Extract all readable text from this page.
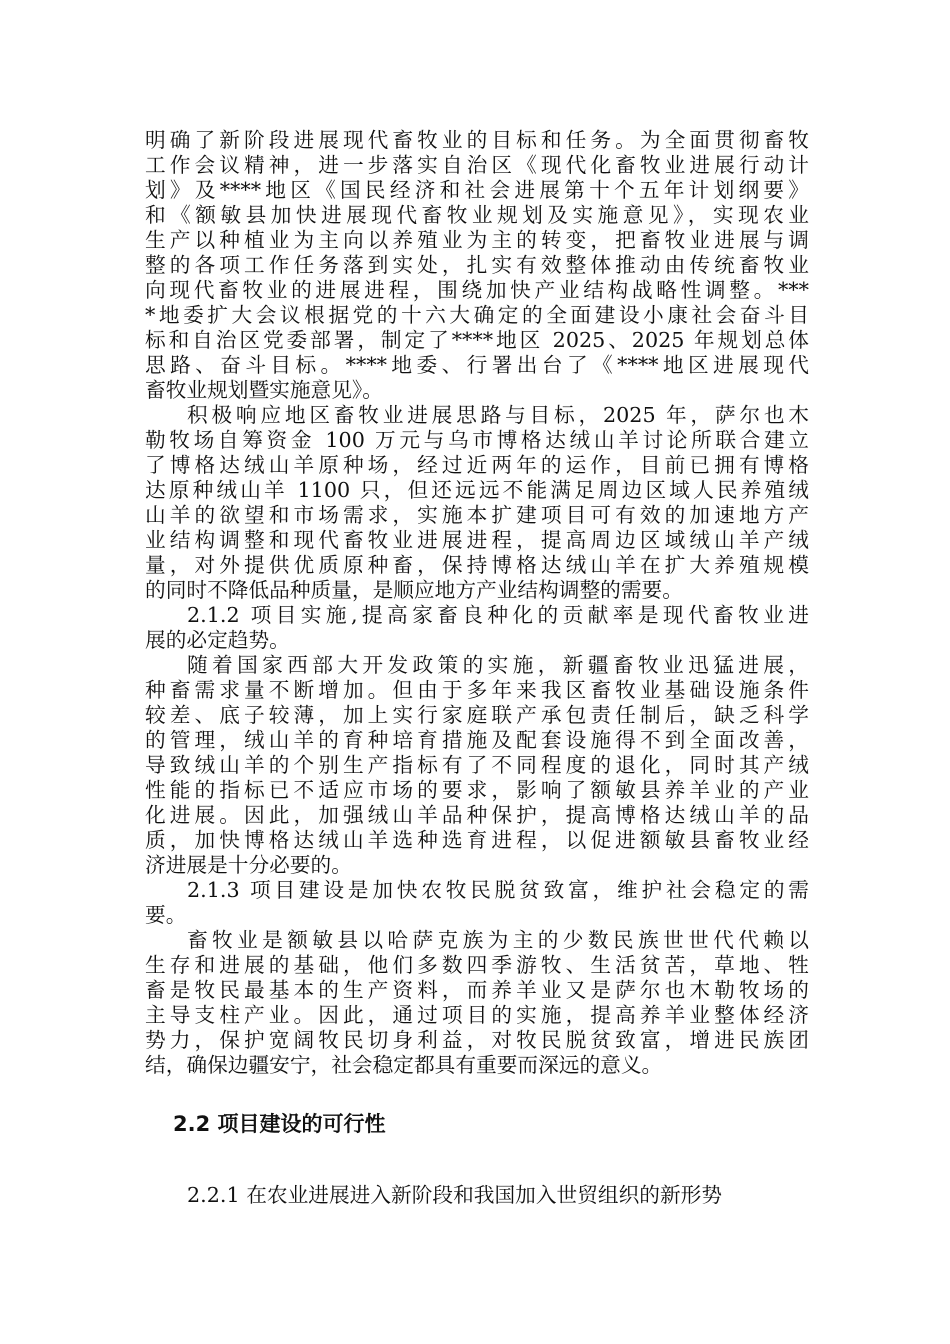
明确了新阶段进展现代畜牧业的目标和任务。为全面贯彻畜牧

工作会议精神，进一步落实自治区《现代化畜牧业进展行动计

划》及****地区《国民经济和社会进展第十个五年计划纲要》

和《额敏县加快进展现代畜牧业规划及实施意见》，实现农业

生产以种植业为主向以养殖业为主的转变，把畜牧业进展与调

整的各项工作任务落到实处，扎实有效整体推动由传统畜牧业

向现代畜牧业的进展进程，围绕加快产业结构战略性调整。***

*地委扩大会议根据党的十六大确定的全面建设小康社会奋斗目

标和自治区党委部署，制定了****地区 2025、2025 年规划总体

思路、奋斗目标。****地委、行署出台了《****地区进展现代

畜牧业规划暨实施意见》。

积极响应地区畜牧业进展思路与目标，2025 年，萨尔也木

勒牧场自筹资金 100 万元与乌市博格达绒山羊讨论所联合建立

了博格达绒山羊原种场，经过近两年的运作，目前已拥有博格

达原种绒山羊 1100 只，但还远远不能满足周边区域人民养殖绒

山羊的欲望和市场需求，实施本扩建项目可有效的加速地方产

业结构调整和现代畜牧业进展进程，提高周边区域绒山羊产绒

量，对外提供优质原种畜，保持博格达绒山羊在扩大养殖规模

的同时不降低品种质量，是顺应地方产业结构调整的需要。

2.1.2 项目实施,提高家畜良种化的贡献率是现代畜牧业进

展的必定趋势。

随着国家西部大开发政策的实施，新疆畜牧业迅猛进展，

种畜需求量不断增加。但由于多年来我区畜牧业基础设施条件

较差、底子较薄，加上实行家庭联产承包责任制后，缺乏科学

的管理，绒山羊的育种培育措施及配套设施得不到全面改善，

导致绒山羊的个别生产指标有了不同程度的退化，同时其产绒

性能的指标已不适应市场的要求，影响了额敏县养羊业的产业

化进展。因此，加强绒山羊品种保护，提高博格达绒山羊的品

质，加快博格达绒山羊选种选育进程，以促进额敏县畜牧业经

济进展是十分必要的。

2.1.3 项目建设是加快农牧民脱贫致富，维护社会稳定的需

要。

畜牧业是额敏县以哈萨克族为主的少数民族世世代代赖以

生存和进展的基础，他们多数四季游牧、生活贫苦，草地、牲

畜是牧民最基本的生产资料，而养羊业又是萨尔也木勒牧场的

主导支柱产业。因此，通过项目的实施，提高养羊业整体经济

势力，保护宽阔牧民切身利益，对牧民脱贫致富，增进民族团

结，确保边疆安宁，社会稳定都具有重要而深远的意义。

2.2 项目建设的可行性

2.2.1 在农业进展进入新阶段和我国加入世贸组织的新形势
